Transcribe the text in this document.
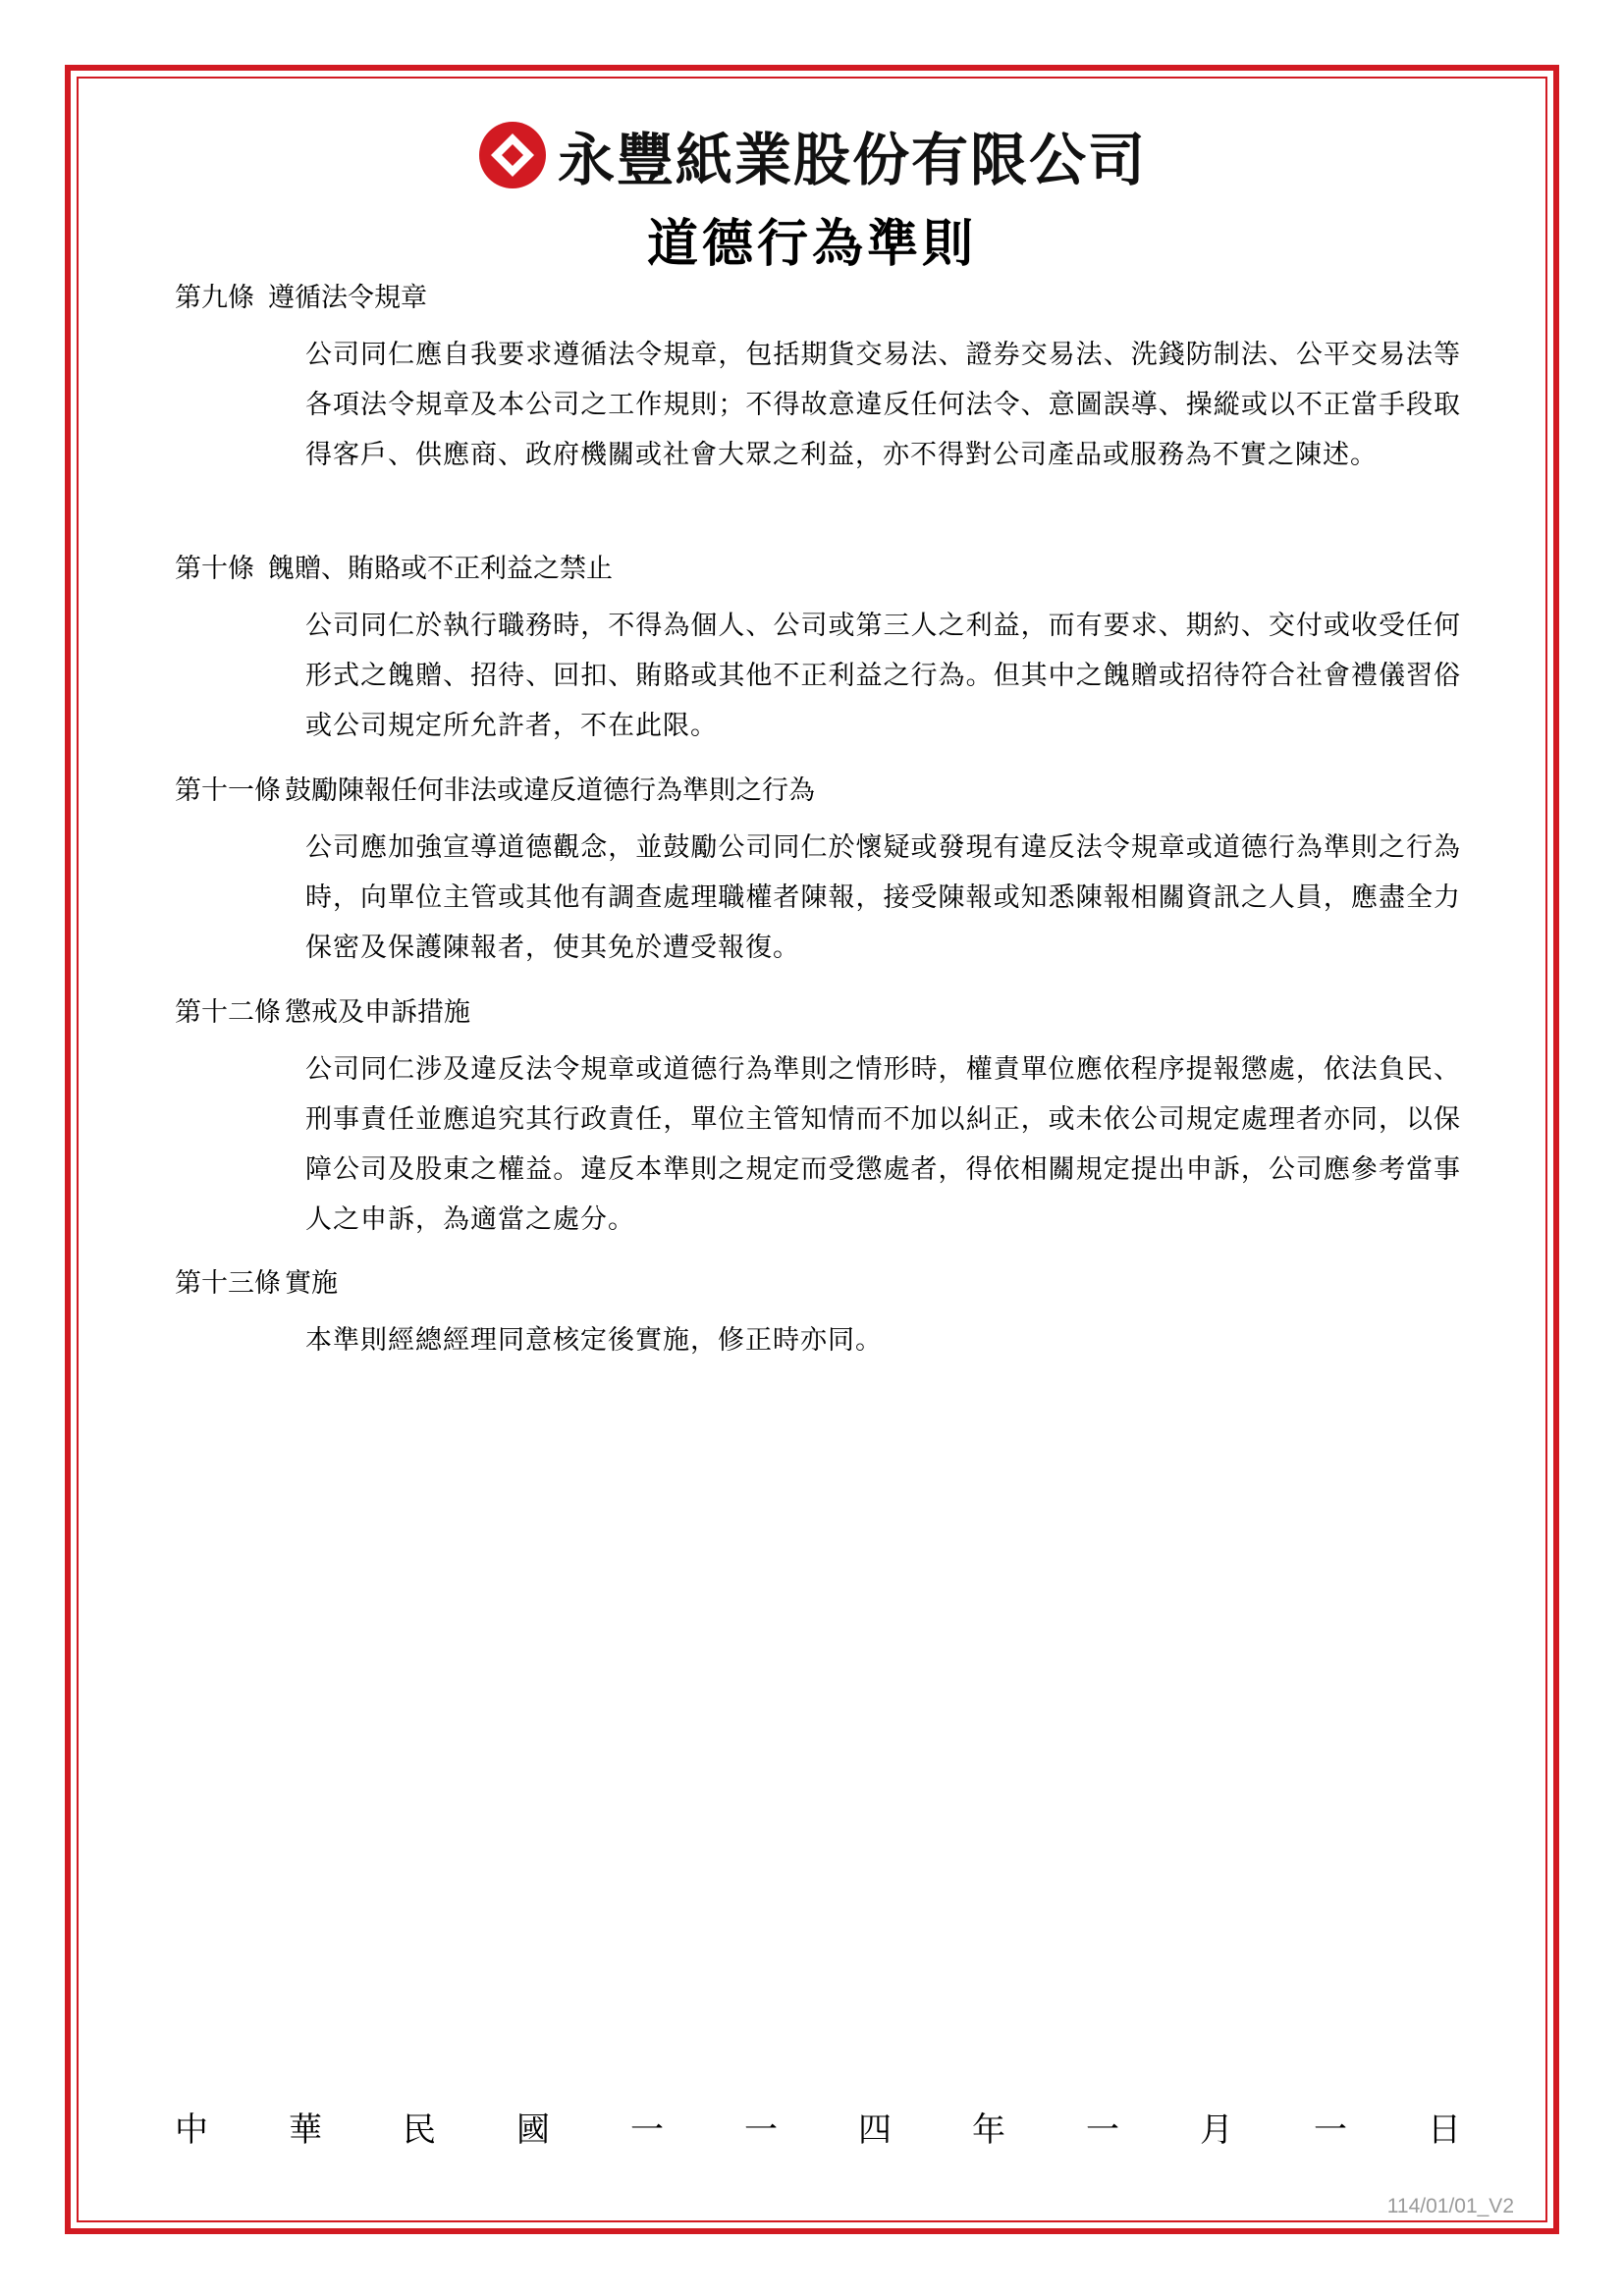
永豐紙業股份有限公司
道德行為準則
第九條 遵循法令規章
公司同仁應自我要求遵循法令規章，包括期貨交易法、證券交易法、洗錢防制法、公平交易法等各項法令規章及本公司之工作規則；不得故意違反任何法令、意圖誤導、操縱或以不正當手段取得客戶、供應商、政府機關或社會大眾之利益，亦不得對公司產品或服務為不實之陳述。
第十條 餽贈、賄賂或不正利益之禁止
公司同仁於執行職務時，不得為個人、公司或第三人之利益，而有要求、期約、交付或收受任何形式之餽贈、招待、回扣、賄賂或其他不正利益之行為。但其中之餽贈或招待符合社會禮儀習俗或公司規定所允許者，不在此限。
第十一條 鼓勵陳報任何非法或違反道德行為準則之行為
公司應加強宣導道德觀念，並鼓勵公司同仁於懷疑或發現有違反法令規章或道德行為準則之行為時，向單位主管或其他有調查處理職權者陳報，接受陳報或知悉陳報相關資訊之人員，應盡全力保密及保護陳報者，使其免於遭受報復。
第十二條 懲戒及申訴措施
公司同仁涉及違反法令規章或道德行為準則之情形時，權責單位應依程序提報懲處，依法負民、刑事責任並應追究其行政責任，單位主管知情而不加以糾正，或未依公司規定處理者亦同，以保障公司及股東之權益。違反本準則之規定而受懲處者，得依相關規定提出申訴，公司應參考當事人之申訴，為適當之處分。
第十三條 實施
本準則經總經理同意核定後實施，修正時亦同。
中 華 民 國 一 一 四 年 一 月 一 日
114/01/01_V2
